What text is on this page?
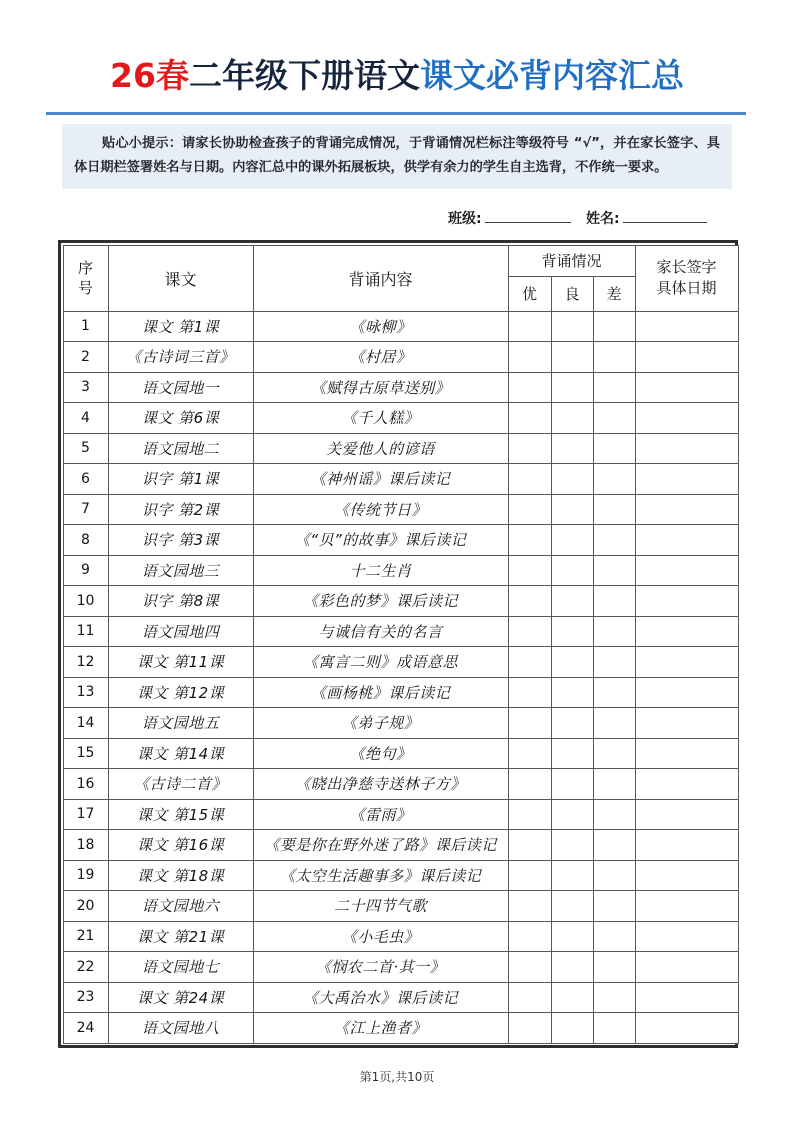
26春二年级下册语文课文必背内容汇总
贴心小提示：请家长协助检查孩子的背诵完成情况，于背诵情况栏标注等级符号 “√”，并在家长签字、具体日期栏签署姓名与日期。内容汇总中的课外拓展板块，供学有余力的学生自主选背，不作统一要求。
班级:	姓名:
序
号	课文	背诵内容	背诵情况			家长签字
具体日期

			优	良	差	
1	课文 第1课	《咏柳》				
2	《古诗词三首》	《村居》				
3	语文园地一	《赋得古原草送别》				
4	课文 第6课	《千人糕》				
5	语文园地二	关爱他人的谚语				
6	识字 第1课	《神州谣》课后读记				
7	识字 第2课	《传统节日》				
8	识字 第3课	《“贝”的故事》课后读记				
9	语文园地三	十二生肖				
10	识字 第8课	《彩色的梦》课后读记				
11	语文园地四	与诚信有关的名言				
12	课文 第11课	《寓言二则》成语意思				
13	课文 第12课	《画杨桃》课后读记				
14	语文园地五	《弟子规》				
15	课文 第14课	《绝句》				
16	《古诗二首》	《晓出净慈寺送林子方》				
17	课文 第15课	《雷雨》				
18	课文 第16课	《要是你在野外迷了路》课后读记				
19	课文 第18课	《太空生活趣事多》课后读记				
20	语文园地六	二十四节气歌				
21	课文 第21课	《小毛虫》				
22	语文园地七	《悯农二首·其一》				
23	课文 第24课	《大禹治水》课后读记				
24	语文园地八	《江上渔者》				
第1页,共10页
